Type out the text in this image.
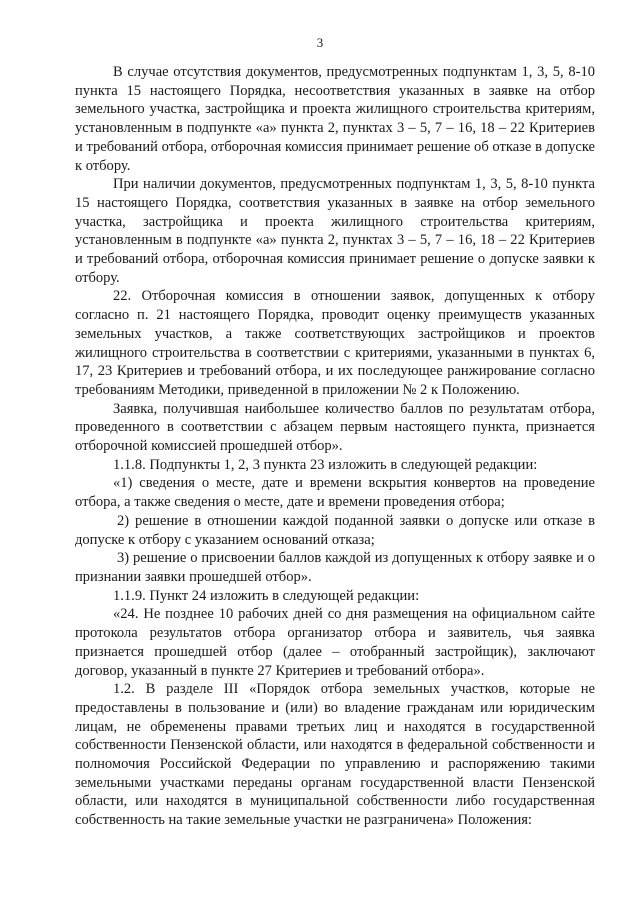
3

В случае отсутствия документов, предусмотренных подпунктам 1, 3, 5, 8-10 пункта 15 настоящего Порядка, несоответствия указанных в заявке на отбор земельного участка, застройщика и проекта жилищного строительства критериям, установленным в подпункте «а» пункта 2, пунктах 3 – 5, 7 – 16, 18 – 22 Критериев и требований отбора, отборочная комиссия принимает решение об отказе в допуске к отбору.

При наличии документов, предусмотренных подпунктам 1, 3, 5, 8-10 пункта 15 настоящего Порядка, соответствия указанных в заявке на отбор земельного участка, застройщика и проекта жилищного строительства критериям, установленным в подпункте «а» пункта 2, пунктах 3 – 5, 7 – 16, 18 – 22 Критериев и требований отбора, отборочная комиссия принимает решение о допуске заявки к отбору.

22. Отборочная комиссия в отношении заявок, допущенных к отбору согласно п. 21 настоящего Порядка, проводит оценку преимуществ указанных земельных участков, а также соответствующих застройщиков и проектов жилищного строительства в соответствии с критериями, указанными в пунктах 6, 17, 23 Критериев и требований отбора, и их последующее ранжирование согласно требованиям Методики, приведенной в приложении № 2 к Положению.

Заявка, получившая наибольшее количество баллов по результатам отбора, проведенного в соответствии с абзацем первым настоящего пункта, признается отборочной комиссией прошедшей отбор».

1.1.8. Подпункты 1, 2, 3 пункта 23 изложить в следующей редакции:

«1) сведения о месте, дате и времени вскрытия конвертов на проведение отбора, а также сведения о месте, дате и времени проведения отбора;

2) решение в отношении каждой поданной заявки о допуске или отказе в допуске к отбору с указанием оснований отказа;

3) решение о присвоении баллов каждой из допущенных к отбору заявке и о признании заявки прошедшей отбор».

1.1.9. Пункт 24 изложить в следующей редакции:

«24. Не позднее 10 рабочих дней со дня размещения на официальном сайте протокола результатов отбора организатор отбора и заявитель, чья заявка признается прошедшей отбор (далее – отобранный застройщик), заключают договор, указанный в пункте 27 Критериев и требований отбора».

1.2. В разделе III «Порядок отбора земельных участков, которые не предоставлены в пользование и (или) во владение гражданам или юридическим лицам, не обременены правами третьих лиц и находятся в государственной собственности Пензенской области, или находятся в федеральной собственности и полномочия Российской Федерации по управлению и распоряжению такими земельными участками переданы органам государственной власти Пензенской области, или находятся в муниципальной собственности либо государственная собственность на такие земельные участки не разграничена» Положения:
